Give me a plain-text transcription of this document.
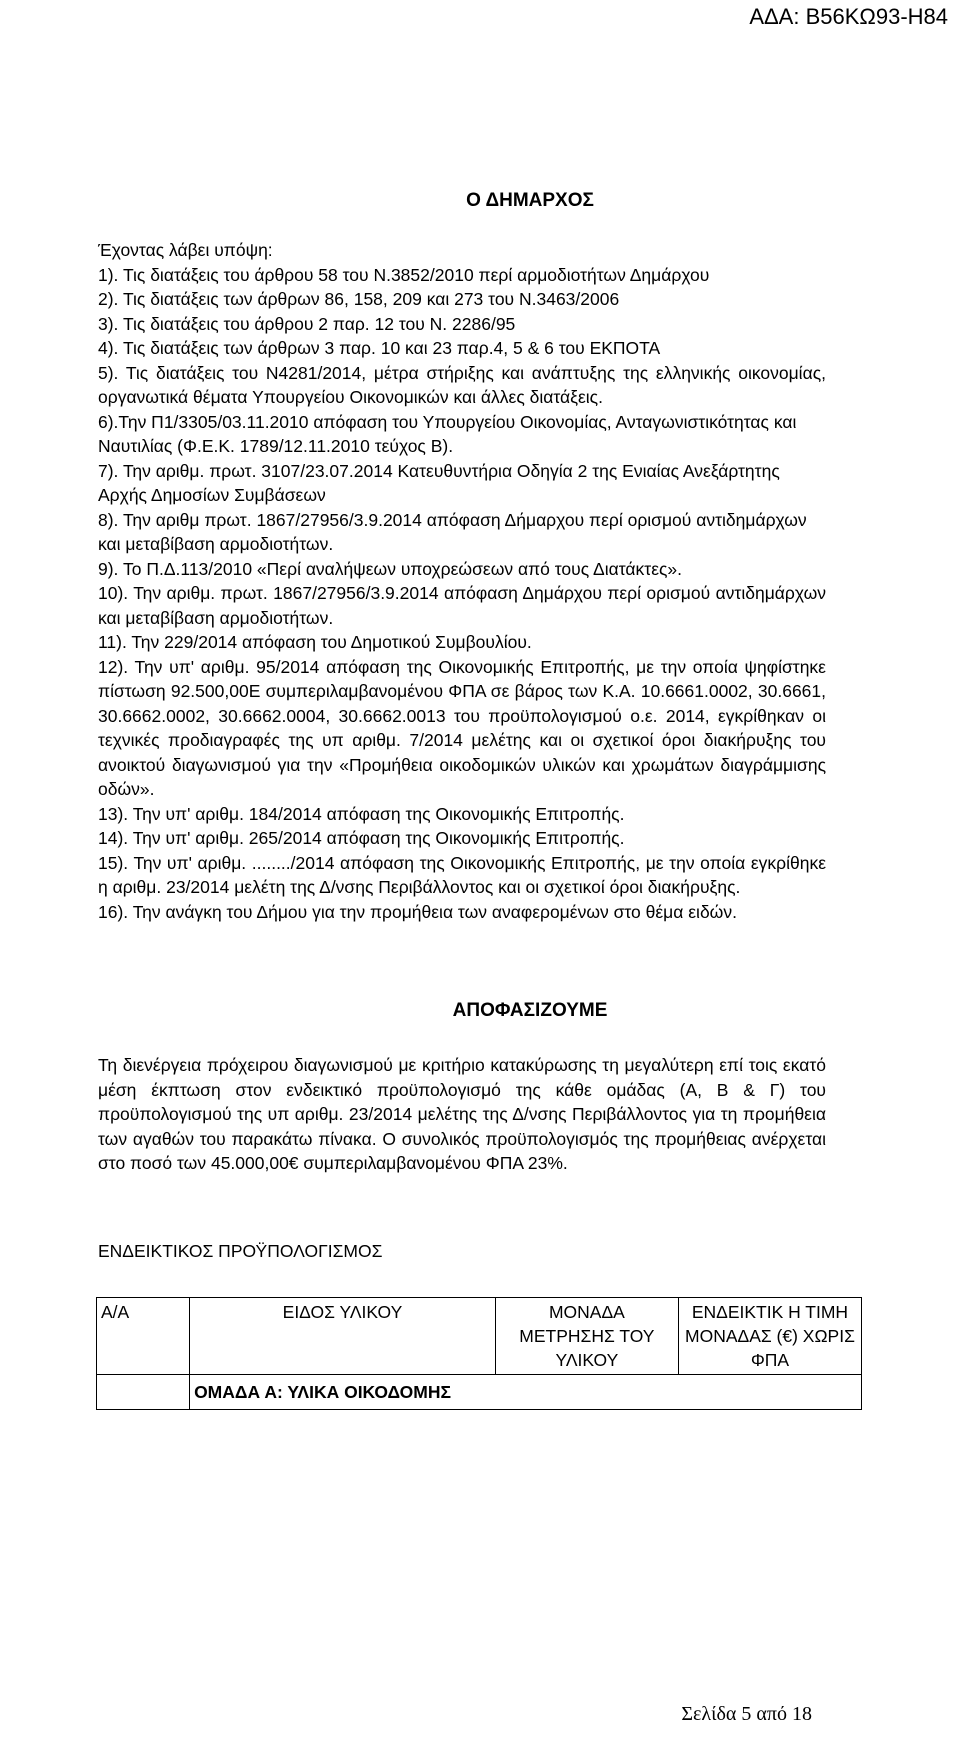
ΑΔΑ: Β56ΚΩ93-Η84
Ο ΔΗΜΑΡΧΟΣ

Έχοντας λάβει υπόψη:

1). Τις διατάξεις του άρθρου 58 του Ν.3852/2010 περί αρμοδιοτήτων Δημάρχου

2). Τις διατάξεις των άρθρων 86, 158, 209 και 273 του Ν.3463/2006

3). Τις διατάξεις του άρθρου 2 παρ. 12 του Ν. 2286/95

4). Τις διατάξεις των άρθρων 3 παρ. 10 και 23 παρ.4, 5 & 6 του ΕΚΠΟΤΑ

5). Τις διατάξεις του Ν4281/2014, μέτρα στήριξης και ανάπτυξης της ελληνικής οικονομίας, οργανωτικά θέματα Υπουργείου Οικονομικών και άλλες διατάξεις.

6).Την Π1/3305/03.11.2010 απόφαση του Υπουργείου Οικονομίας, Ανταγωνιστικότητας και Ναυτιλίας (Φ.Ε.Κ. 1789/12.11.2010 τεύχος Β).

7). Την αριθμ. πρωτ. 3107/23.07.2014 Κατευθυντήρια Οδηγία 2 της Ενιαίας Ανεξάρτητης Αρχής Δημοσίων Συμβάσεων

8). Την αριθμ πρωτ. 1867/27956/3.9.2014 απόφαση Δήμαρχου περί ορισμού αντιδημάρχων και μεταβίβαση αρμοδιοτήτων.

9). Το Π.Δ.113/2010 «Περί αναλήψεων υποχρεώσεων από τους Διατάκτες».

10). Την αριθμ. πρωτ. 1867/27956/3.9.2014 απόφαση Δημάρχου περί ορισμού αντιδημάρχων και μεταβίβαση αρμοδιοτήτων.

11). Την 229/2014 απόφαση του Δημοτικού Συμβουλίου.

12). Την υπ' αριθμ. 95/2014 απόφαση της Οικονομικής Επιτροπής, με την οποία ψηφίστηκε πίστωση 92.500,00Ε συμπεριλαμβανομένου ΦΠΑ σε βάρος των Κ.Α. 10.6661.0002, 30.6661, 30.6662.0002, 30.6662.0004, 30.6662.0013 του προϋπολογισμού ο.ε. 2014, εγκρίθηκαν οι τεχνικές προδιαγραφές της υπ αριθμ. 7/2014 μελέτης και οι σχετικοί όροι διακήρυξης του ανοικτού διαγωνισμού για την «Προμήθεια οικοδομικών υλικών και χρωμάτων διαγράμμισης οδών».

13). Την υπ' αριθμ. 184/2014 απόφαση της Οικονομικής Επιτροπής.

14). Την υπ' αριθμ. 265/2014 απόφαση της Οικονομικής Επιτροπής.

15). Την υπ' αριθμ. ......../2014 απόφαση της Οικονομικής Επιτροπής, με την οποία εγκρίθηκε η αριθμ. 23/2014 μελέτη της Δ/νσης Περιβάλλοντος και οι σχετικοί όροι διακήρυξης.

16). Την ανάγκη του Δήμου για την προμήθεια των αναφερομένων στο θέμα ειδών.

ΑΠΟΦΑΣΙΖΟΥΜΕ

Τη διενέργεια πρόχειρου διαγωνισμού με κριτήριο κατακύρωσης τη μεγαλύτερη επί τοις εκατό μέση έκπτωση στον ενδεικτικό προϋπολογισμό της κάθε ομάδας (Α, Β & Γ) του προϋπολογισμού της υπ αριθμ. 23/2014 μελέτης της Δ/νσης Περιβάλλοντος για τη προμήθεια των αγαθών του παρακάτω πίνακα. Ο συνολικός προϋπολογισμός της προμήθειας ανέρχεται στο ποσό των 45.000,00€ συμπεριλαμβανομένου ΦΠΑ 23%.

ΕΝΔΕΙΚΤΙΚΟΣ ΠΡΟΫΠΟΛΟΓΙΣΜΟΣ
Α/Α	ΕΙΔΟΣ ΥΛΙΚΟΥ	ΜΟΝΑΔΑ ΜΕΤΡΗΣΗΣ ΤΟΥ ΥΛΙΚΟΥ	ΕΝΔΕΙΚΤΙΚ Η ΤΙΜΗ ΜΟΝΑΔΑΣ (€) ΧΩΡΙΣ ΦΠΑ
	ΟΜΑΔΑ Α: ΥΛΙΚΑ ΟΙΚΟΔΟΜΗΣ		
Σελίδα 5 από 18
